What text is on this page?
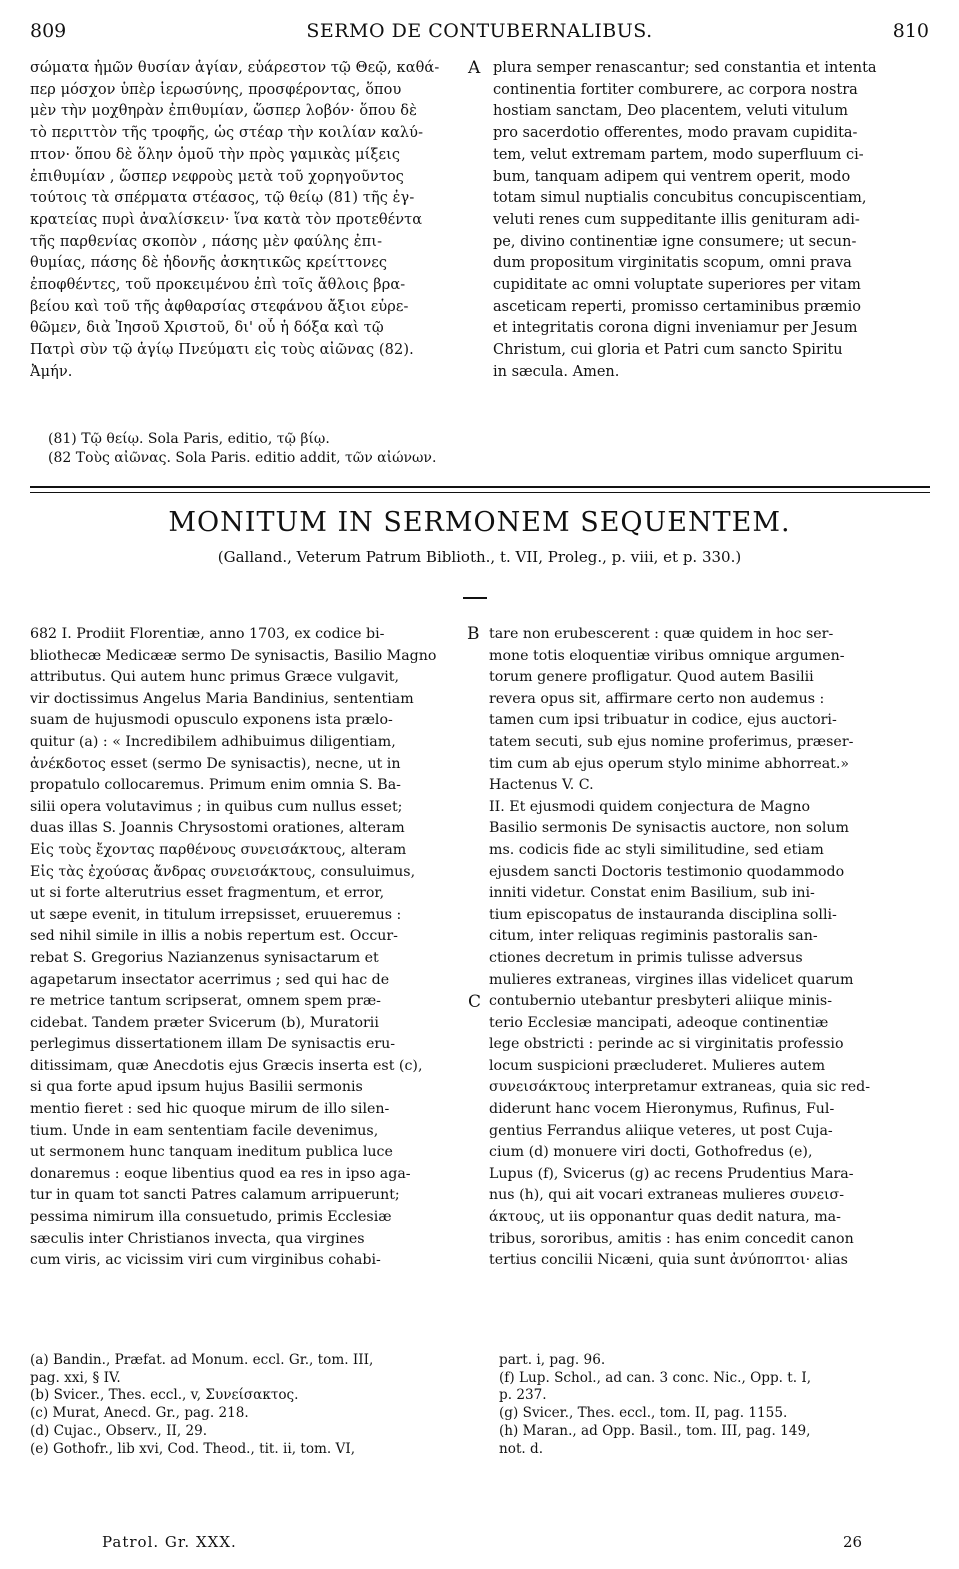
809	SERMO DE CONTUBERNALIBUS.	810
σώματα ἡμῶν θυσίαν ἁγίαν, εὐάρεστον τῷ Θεῷ, καθά-
περ μόσχον ὑπὲρ ἱερωσύνης, προσφέροντας, ὅπου
μὲν τὴν μοχθηρὰν ἐπιθυμίαν, ὥσπερ λοβόν· ὅπου δὲ
τὸ περιττὸν τῆς τροφῆς, ὡς στέαρ τὴν κοιλίαν καλύ-
πτον· ὅπου δὲ ὅλην ὁμοῦ τὴν πρὸς γαμικὰς μίξεις
ἐπιθυμίαν , ὥσπερ νεφροὺς μετὰ τοῦ χορηγοῦντος
τούτοις τὰ σπέρματα στέασος, τῷ θείῳ (81) τῆς ἐγ-
κρατείας πυρὶ ἀναλίσκειν· ἵνα κατὰ τὸν προτεθέντα
τῆς παρθενίας σκοπὸν , πάσης μὲν φαύλης ἐπι-
θυμίας, πάσης δὲ ἡδονῆς ἀσκητικῶς κρείττονες
ἐποφθέντες, τοῦ προκειμένου ἐπὶ τοῖς ἄθλοις βρα-
βείου καὶ τοῦ τῆς ἀφθαρσίας στεφάνου ἄξιοι εὑρε-
θῶμεν, διὰ Ἰησοῦ Χριστοῦ, δι' οὗ ἡ δόξα καὶ τῷ
Πατρὶ σὺν τῷ ἁγίῳ Πνεύματι εἰς τοὺς αἰῶνας (82).
Ἀμήν.
A plura semper renascantur; sed constantia et intenta
continentia fortiter comburere, ac corpora nostra
hostiam sanctam, Deo placentem, veluti vitulum
pro sacerdotio offerentes, modo pravam cupidita-
tem, velut extremam partem, modo superfluum ci-
bum, tanquam adipem qui ventrem operit, modo
totam simul nuptialis concubitus concupiscentiam,
veluti renes cum suppeditante illis genituram adi-
pe, divino continentiæ igne consumere; ut secun-
dum propositum virginitatis scopum, omni prava
cupiditate ac omni voluptate superiores per vitam
asceticam reperti, promisso certaminibus præmio
et integritatis corona digni inveniamur per Jesum
Christum, cui gloria et Patri cum sancto Spiritu
in sæcula. Amen.
(81) Τῷ θείῳ. Sola Paris, editio, τῷ βίῳ.
(82 Τοὺς αἰῶνας. Sola Paris. editio addit, τῶν αἰώνων.
MONITUM IN SERMONEM SEQUENTEM.
(Galland., Veterum Patrum Biblioth., t. VII, Proleg., p. viii, et p. 330.)
682 I. Prodiit Florentiæ, anno 1703, ex codice bi-
bliothecæ Medicææ sermo De synisactis, Basilio Magno
attributus. Qui autem hunc primus Græce vulgavit,
vir doctissimus Angelus Maria Bandinius, sententiam
suam de hujusmodi opusculo exponens ista prælo-
quitur (a) : « Incredibilem adhibuimus diligentiam,
ἀνέκδοτος esset (sermo De synisactis), necne, ut in
propatulo collocaremus. Primum enim omnia S. Ba-
silii opera volutavimus ; in quibus cum nullus esset;
duas illas S. Joannis Chrysostomi orationes, alteram
Εἰς τοὺς ἔχοντας παρθένους συνεισάκτους, alteram
Εἰς τὰς ἐχούσας ἄνδρας συνεισάκτους, consuluimus,
ut si forte alterutrius esset fragmentum, et error,
ut sæpe evenit, in titulum irrepsisset, eruueremus :
sed nihil simile in illis a nobis repertum est. Occur-
rebat S. Gregorius Nazianzenus synisactarum et
agapetarum insectator acerrimus ; sed qui hac de
re metrice tantum scripserat, omnem spem præ-
cidebat. Tandem præter Svicerum (b), Muratorii
perlegimus dissertationem illam De synisactis eru-
ditissimam, quæ Anecdotis ejus Græcis inserta est (c),
si qua forte apud ipsum hujus Basilii sermonis
mentio fieret : sed hic quoque mirum de illo silen-
tium. Unde in eam sententiam facile devenimus,
ut sermonem hunc tanquam ineditum publica luce
donaremus : eoque libentius quod ea res in ipso aga-
tur in quam tot sancti Patres calamum arripuerunt;
pessima nimirum illa consuetudo, primis Ecclesiæ
sæculis inter Christianos invecta, qua virgines
cum viris, ac vicissim viri cum virginibus cohabi-
B
C
tare non erubescerent : quæ quidem in hoc ser-
mone totis eloquentiæ viribus omnique argumen-
torum genere profligatur. Quod autem Basilii
revera opus sit, affirmare certo non audemus :
tamen cum ipsi tribuatur in codice, ejus auctori-
tatem secuti, sub ejus nomine proferimus, præser-
tim cum ab ejus operum stylo minime abhorreat.»
Hactenus V. C.
II. Et ejusmodi quidem conjectura de Magno
Basilio sermonis De synisactis auctore, non solum
ms. codicis fide ac styli similitudine, sed etiam
ejusdem sancti Doctoris testimonio quodammodo
inniti videtur. Constat enim Basilium, sub ini-
tium episcopatus de instauranda disciplina solli-
citum, inter reliquas regiminis pastoralis san-
ctiones decretum in primis tulisse adversus
mulieres extraneas, virgines illas videlicet quarum
contubernio utebantur presbyteri aliique minis-
terio Ecclesiæ mancipati, adeoque continentiæ
lege obstricti : perinde ac si virginitatis professio
locum suspicioni præcluderet. Mulieres autem
συνεισάκτους interpretamur extraneas, quia sic red-
diderunt hanc vocem Hieronymus, Rufinus, Ful-
gentius Ferrandus aliique veteres, ut post Cuja-
cium (d) monuere viri docti, Gothofredus (e),
Lupus (f), Svicerus (g) ac recens Prudentius Mara-
nus (h), qui ait vocari extraneas mulieres συνεισ-
άκτους, ut iis opponantur quas dedit natura, ma-
tribus, sororibus, amitis : has enim concedit canon
tertius concilii Nicæni, quia sunt ἀνύποπτοι· alias
(a) Bandin., Præfat. ad Monum. eccl. Gr., tom. III,
pag. xxi, § IV.
(b) Svicer., Thes. eccl., v, Συνείσακτος.
(c) Murat, Anecd. Gr., pag. 218.
(d) Cujac., Observ., II, 29.
(e) Gothofr., lib xvi, Cod. Theod., tit. ii, tom. VI,
part. i, pag. 96.
(f) Lup. Schol., ad can. 3 conc. Nic., Opp. t. I,
p. 237.
(g) Svicer., Thes. eccl., tom. II, pag. 1155.
(h) Maran., ad Opp. Basil., tom. III, pag. 149,
not. d.
Patrol. Gr. XXX.	26
